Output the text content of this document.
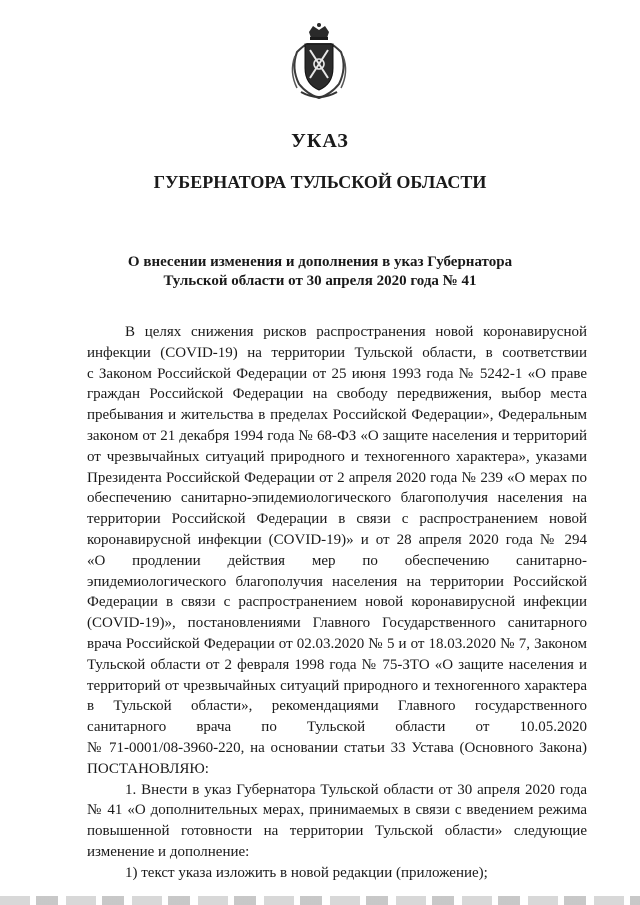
УКАЗ
ГУБЕРНАТОРА ТУЛЬСКОЙ ОБЛАСТИ
О внесении изменения и дополнения в указ Губернатора
Тульской области от 30 апреля 2020 года № 41
В целях снижения рисков распространения новой коронавирусной
инфекции (COVID-19) на территории Тульской области, в соответствии
с Законом Российской Федерации от 25 июня 1993 года № 5242-1 «О праве
граждан Российской Федерации на свободу передвижения, выбор места
пребывания и жительства в пределах Российской Федерации», Федеральным
законом от 21 декабря 1994 года № 68-ФЗ «О защите населения и территорий
от чрезвычайных ситуаций природного и техногенного характера», указами
Президента Российской Федерации от 2 апреля 2020 года № 239 «О мерах по
обеспечению санитарно-эпидемиологического благополучия населения на
территории Российской Федерации в связи с распространением новой
коронавирусной инфекции (COVID-19)» и от 28 апреля 2020 года № 294
«О продлении действия мер по обеспечению санитарно-
эпидемиологического благополучия населения на территории Российской
Федерации в связи с распространением новой коронавирусной инфекции
(COVID-19)», постановлениями Главного Государственного санитарного
врача Российской Федерации от 02.03.2020 № 5 и от 18.03.2020 № 7, Законом
Тульской области от 2 февраля 1998 года № 75-ЗТО «О защите населения и
территорий от чрезвычайных ситуаций природного и техногенного характера
в Тульской области», рекомендациями Главного государственного
санитарного врача по Тульской области от 10.05.2020
№ 71-0001/08-3960-220, на основании статьи 33 Устава (Основного Закона)
ПОСТАНОВЛЯЮ:
1. Внести в указ Губернатора Тульской области от 30 апреля 2020 года
№ 41 «О дополнительных мерах, принимаемых в связи с введением режима
повышенной готовности на территории Тульской области» следующие
изменение и дополнение:
1) текст указа изложить в новой редакции (приложение);
